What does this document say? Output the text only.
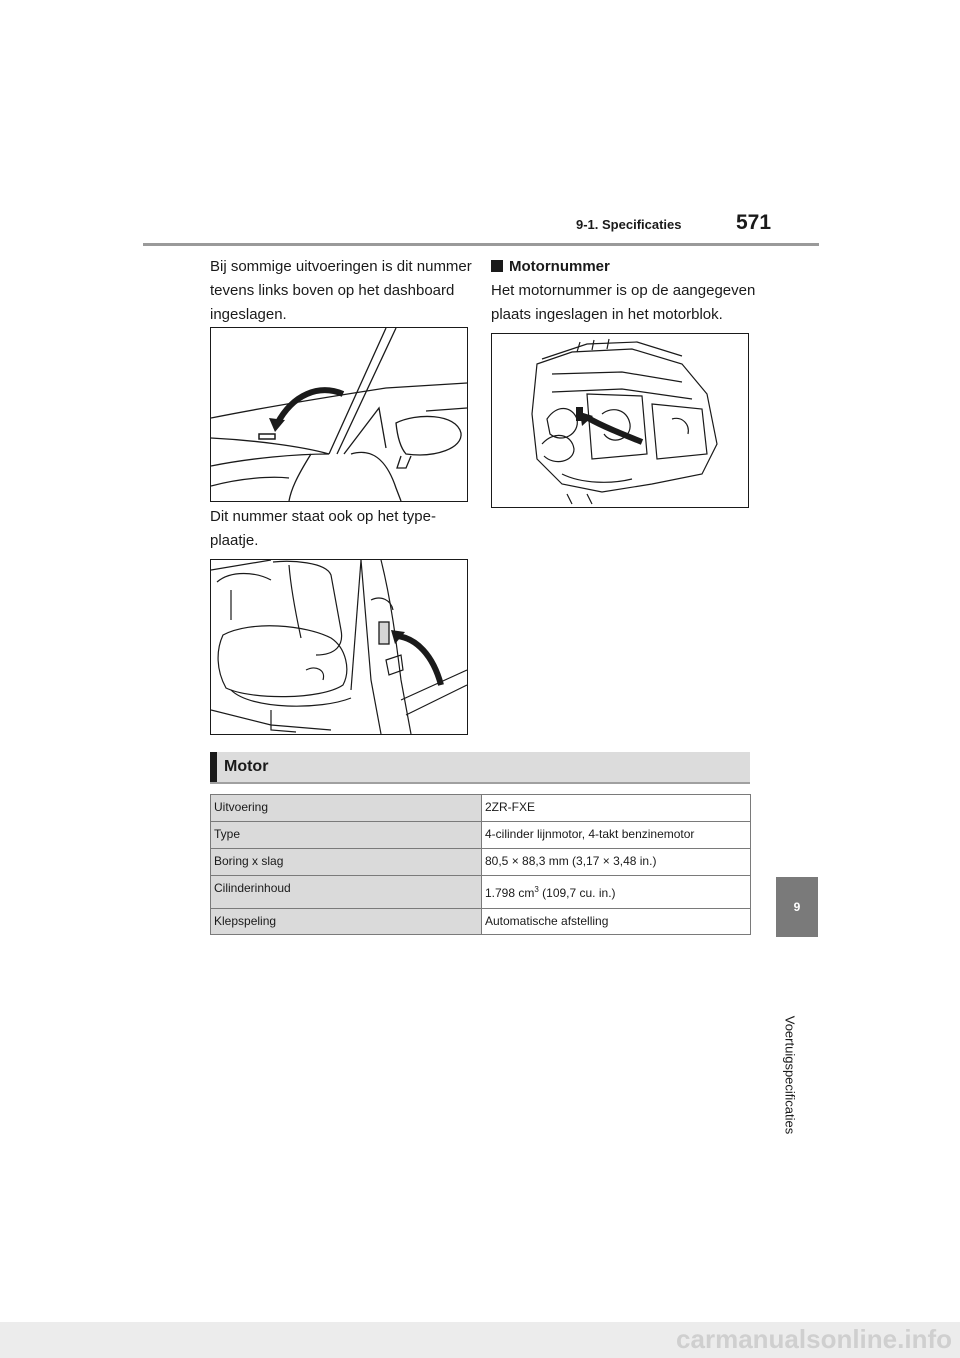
9-1. Specificaties	571
Bij sommige uitvoeringen is dit nummer tevens links boven op het dashboard ingeslagen.
Dit nummer staat ook op het type-plaatje.
Motornummer
Het motornummer is op de aangegeven plaats ingeslagen in het motorblok.
Motor
Uitvoering	2ZR-FXE
Type	4-cilinder lijnmotor, 4-takt benzinemotor
Boring x slag	80,5 × 88,3 mm (3,17 × 3,48 in.)
Cilinderinhoud	1.798 $cm^3$ (109,7 cu. in.)
Klepspeling	Automatische afstelling
9
Voertuigspecificaties
carmanualsonline.info
